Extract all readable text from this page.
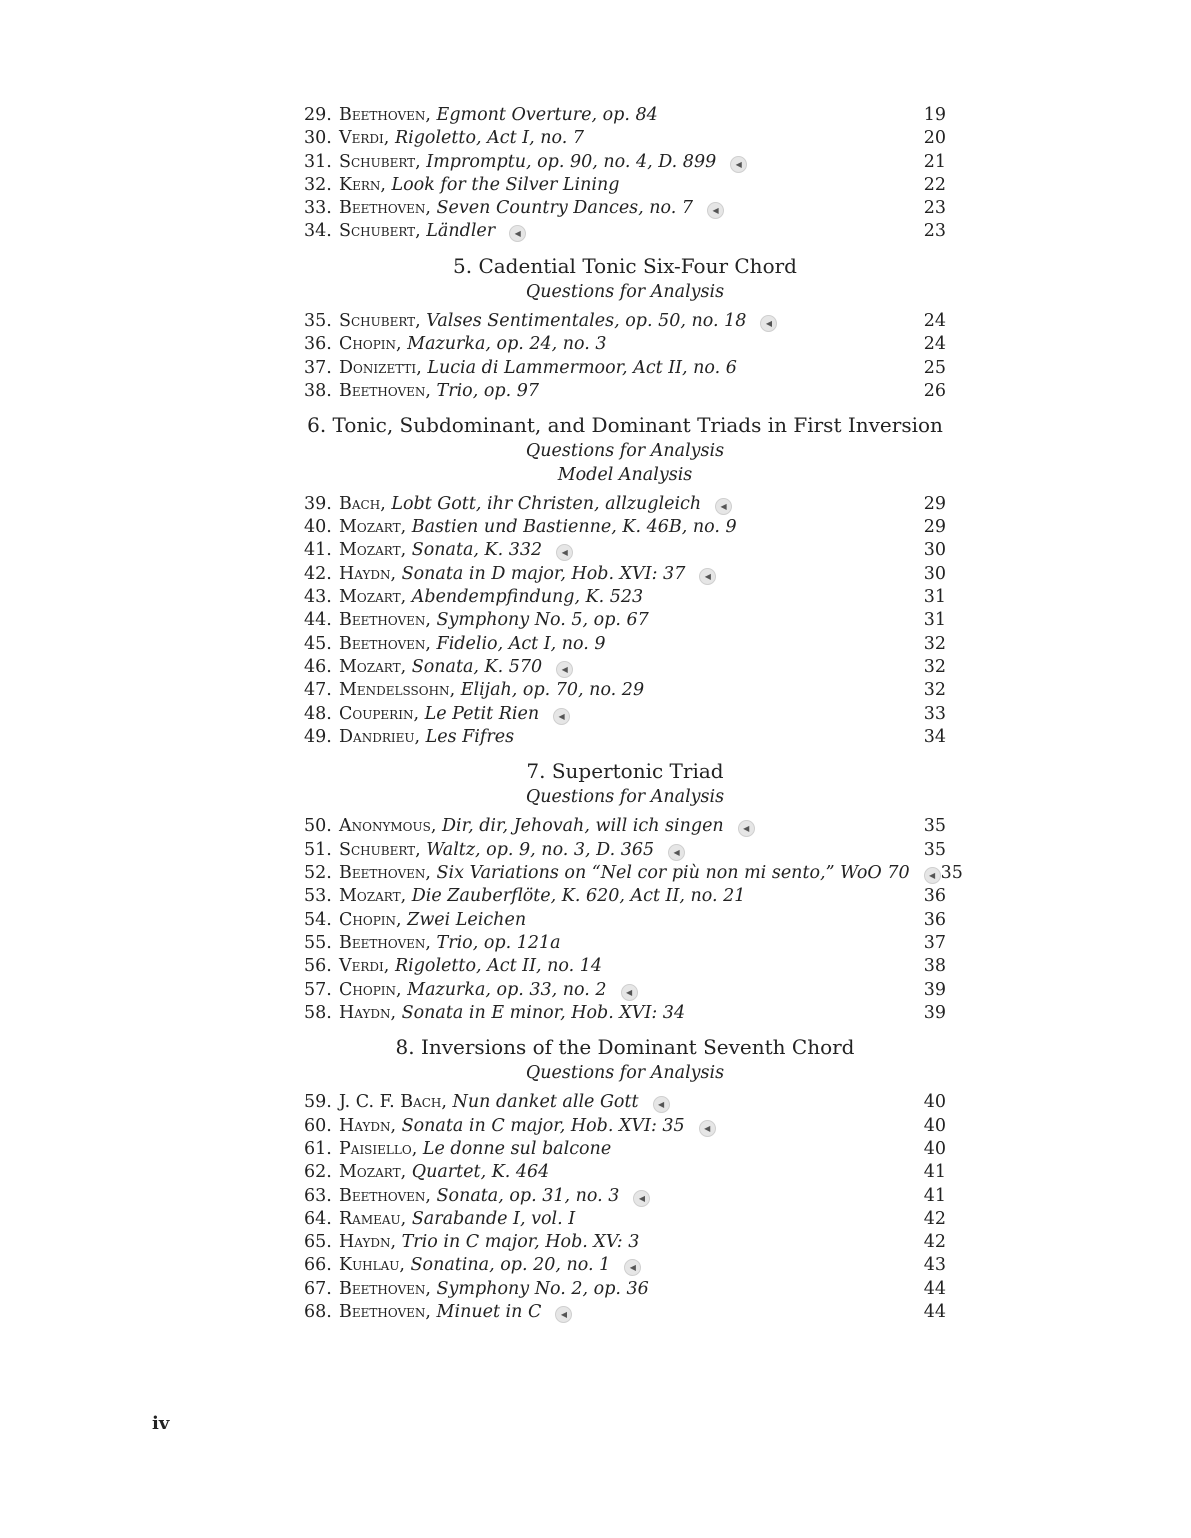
29. Beethoven, Egmont Overture, op. 84	19
30. Verdi, Rigoletto, Act I, no. 7	20
31. Schubert, Impromptu, op. 90, no. 4, D. 899 ◀	21
32. Kern, Look for the Silver Lining	22
33. Beethoven, Seven Country Dances, no. 7 ◀	23
34. Schubert, Ländler ◀	23
5. Cadential Tonic Six-Four Chord
Questions for Analysis
35. Schubert, Valses Sentimentales, op. 50, no. 18 ◀	24
36. Chopin, Mazurka, op. 24, no. 3	24
37. Donizetti, Lucia di Lammermoor, Act II, no. 6	25
38. Beethoven, Trio, op. 97	26
6. Tonic, Subdominant, and Dominant Triads in First Inversion
Questions for Analysis
Model Analysis
39. Bach, Lobt Gott, ihr Christen, allzugleich ◀	29
40. Mozart, Bastien und Bastienne, K. 46B, no. 9	29
41. Mozart, Sonata, K. 332 ◀	30
42. Haydn, Sonata in D major, Hob. XVI: 37 ◀	30
43. Mozart, Abendempfindung, K. 523	31
44. Beethoven, Symphony No. 5, op. 67	31
45. Beethoven, Fidelio, Act I, no. 9	32
46. Mozart, Sonata, K. 570 ◀	32
47. Mendelssohn, Elijah, op. 70, no. 29	32
48. Couperin, Le Petit Rien ◀	33
49. Dandrieu, Les Fifres	34
7. Supertonic Triad
Questions for Analysis
50. Anonymous, Dir, dir, Jehovah, will ich singen ◀	35
51. Schubert, Waltz, op. 9, no. 3, D. 365 ◀	35
52. Beethoven, Six Variations on “Nel cor più non mi sento,” WoO 70 ◀ 35
53. Mozart, Die Zauberflöte, K. 620, Act II, no. 21	36
54. Chopin, Zwei Leichen	36
55. Beethoven, Trio, op. 121a	37
56. Verdi, Rigoletto, Act II, no. 14	38
57. Chopin, Mazurka, op. 33, no. 2 ◀	39
58. Haydn, Sonata in E minor, Hob. XVI: 34	39
8. Inversions of the Dominant Seventh Chord
Questions for Analysis
59. J. C. F. Bach, Nun danket alle Gott ◀	40
60. Haydn, Sonata in C major, Hob. XVI: 35 ◀	40
61. Paisiello, Le donne sul balcone	40
62. Mozart, Quartet, K. 464	41
63. Beethoven, Sonata, op. 31, no. 3 ◀	41
64. Rameau, Sarabande I, vol. I	42
65. Haydn, Trio in C major, Hob. XV: 3	42
66. Kuhlau, Sonatina, op. 20, no. 1 ◀	43
67. Beethoven, Symphony No. 2, op. 36	44
68. Beethoven, Minuet in C ◀	44
iv
